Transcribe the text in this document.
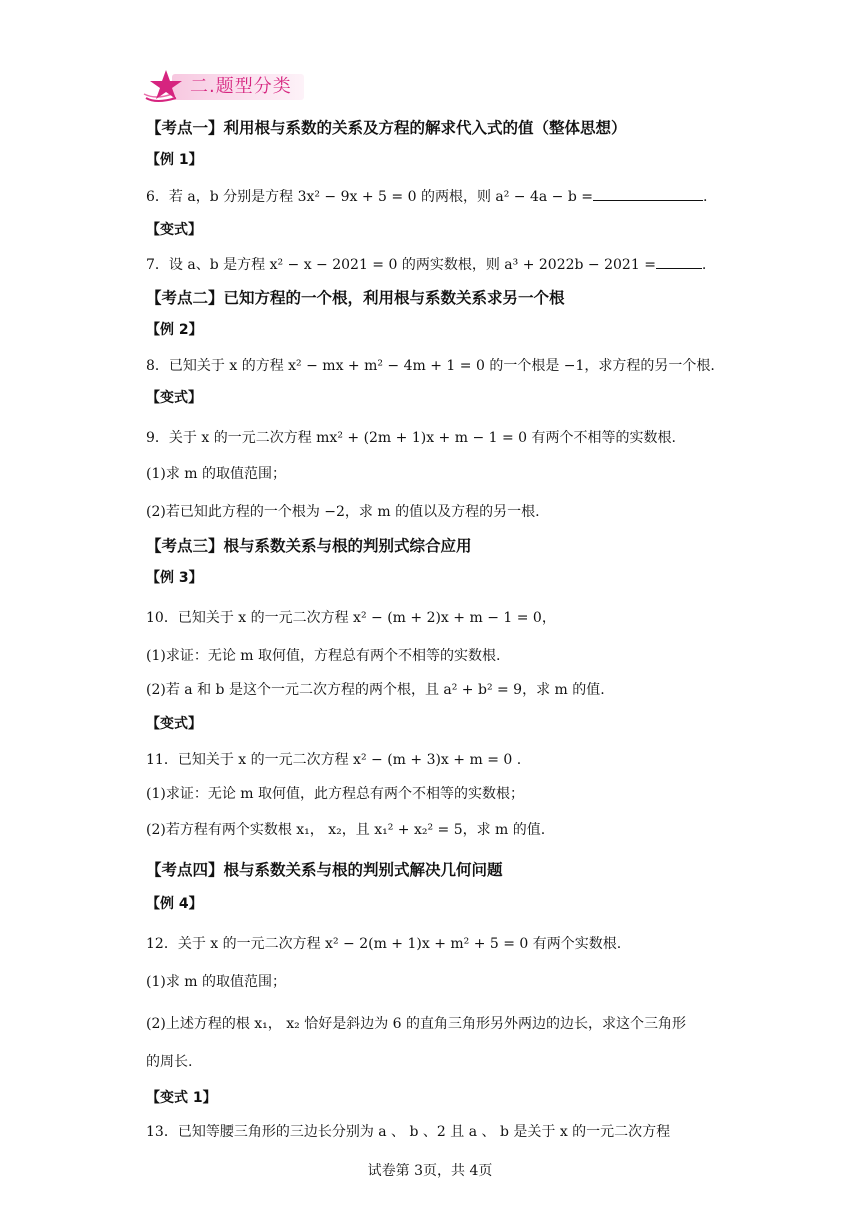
二.题型分类
【考点一】利用根与系数的关系及方程的解求代入式的值（整体思想）
【例 1】
6．若 a，b 分别是方程 3x² − 9x + 5 = 0 的两根，则 a² − 4a − b =	.
【变式】
7．设 a、b 是方程 x² − x − 2021 = 0 的两实数根，则 a³ + 2022b − 2021 =	.
【考点二】已知方程的一个根，利用根与系数关系求另一个根
【例 2】
8．已知关于 x 的方程 x² − mx + m² − 4m + 1 = 0 的一个根是 −1，求方程的另一个根.
【变式】
9．关于 x 的一元二次方程 mx² + (2m + 1)x + m − 1 = 0 有两个不相等的实数根.
(1)求 m 的取值范围；
(2)若已知此方程的一个根为 −2，求 m 的值以及方程的另一根.
【考点三】根与系数关系与根的判别式综合应用
【例 3】
10．已知关于 x 的一元二次方程 x² − (m + 2)x + m − 1 = 0，
(1)求证：无论 m 取何值，方程总有两个不相等的实数根.
(2)若 a 和 b 是这个一元二次方程的两个根，且 a² + b² = 9，求 m 的值.
【变式】
11．已知关于 x 的一元二次方程 x² − (m + 3)x + m = 0 .
(1)求证：无论 m 取何值，此方程总有两个不相等的实数根；
(2)若方程有两个实数根 x₁， x₂，且 x₁² + x₂² = 5，求 m 的值.
【考点四】根与系数关系与根的判别式解决几何问题
【例 4】
12．关于 x 的一元二次方程 x² − 2(m + 1)x + m² + 5 = 0 有两个实数根.
(1)求 m 的取值范围；
(2)上述方程的根 x₁， x₂ 恰好是斜边为 6 的直角三角形另外两边的边长，求这个三角形
的周长.
【变式 1】
13．已知等腰三角形的三边长分别为 a 、 b 、2 且 a 、 b 是关于 x 的一元二次方程
试卷第 3页，共 4页
